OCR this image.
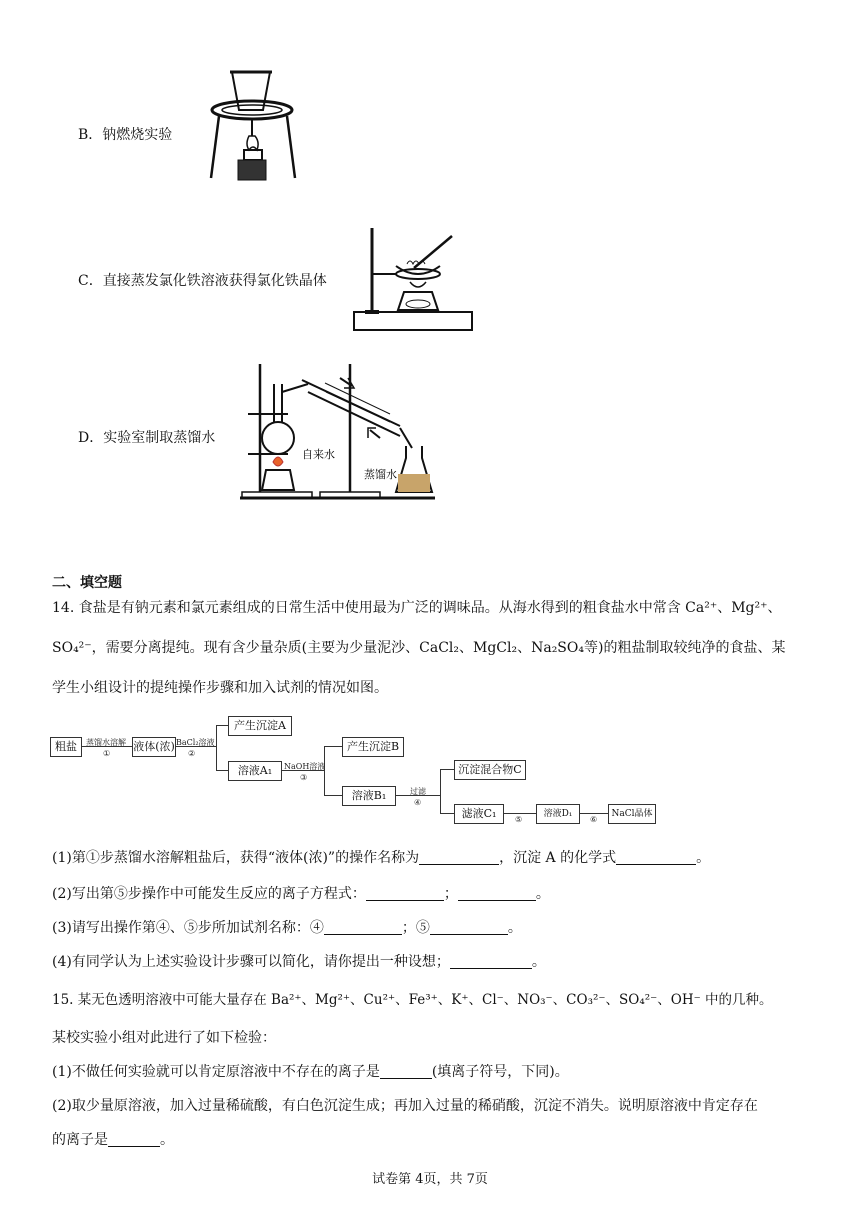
B．钠燃烧实验
C．直接蒸发氯化铁溶液获得氯化铁晶体
D．实验室制取蒸馏水
自来水
蒸馏水
二、填空题
14. 食盐是有钠元素和氯元素组成的日常生活中使用最为广泛的调味品。从海水得到的粗食盐水中常含 Ca²⁺、Mg²⁺、
SO₄²⁻，需要分离提纯。现有含少量杂质(主要为少量泥沙、CaCl₂、MgCl₂、Na₂SO₄等)的粗盐制取较纯净的食盐、某
学生小组设计的提纯操作步骤和加入试剂的情况如图。
粗盐	液体(浓)
产生沉淀A
溶液A₁
产生沉淀B
溶液B₁
沉淀混合物C
滤液C₁	溶液D₁	NaCl晶体
蒸馏水溶解
①
BaCl₂溶液
②
NaOH溶液
③
过滤
④
⑤	⑥
(1)第①步蒸馏水溶解粗盐后，获得“液体(浓)”的操作名称为	，沉淀 A 的化学式	。
(2)写出第⑤步操作中可能发生反应的离子方程式：	；	。
(3)请写出操作第④、⑤步所加试剂名称：④	；⑤	。
(4)有同学认为上述实验设计步骤可以简化，请你提出一种设想；	。
15. 某无色透明溶液中可能大量存在 Ba²⁺、Mg²⁺、Cu²⁺、Fe³⁺、K⁺、Cl⁻、NO₃⁻、CO₃²⁻、SO₄²⁻、OH⁻ 中的几种。
某校实验小组对此进行了如下检验：
(1)不做任何实验就可以肯定原溶液中不存在的离子是	(填离子符号，下同)。
(2)取少量原溶液，加入过量稀硫酸，有白色沉淀生成；再加入过量的稀硝酸，沉淀不消失。说明原溶液中肯定存在
的离子是	。
试卷第 4页，共 7页
